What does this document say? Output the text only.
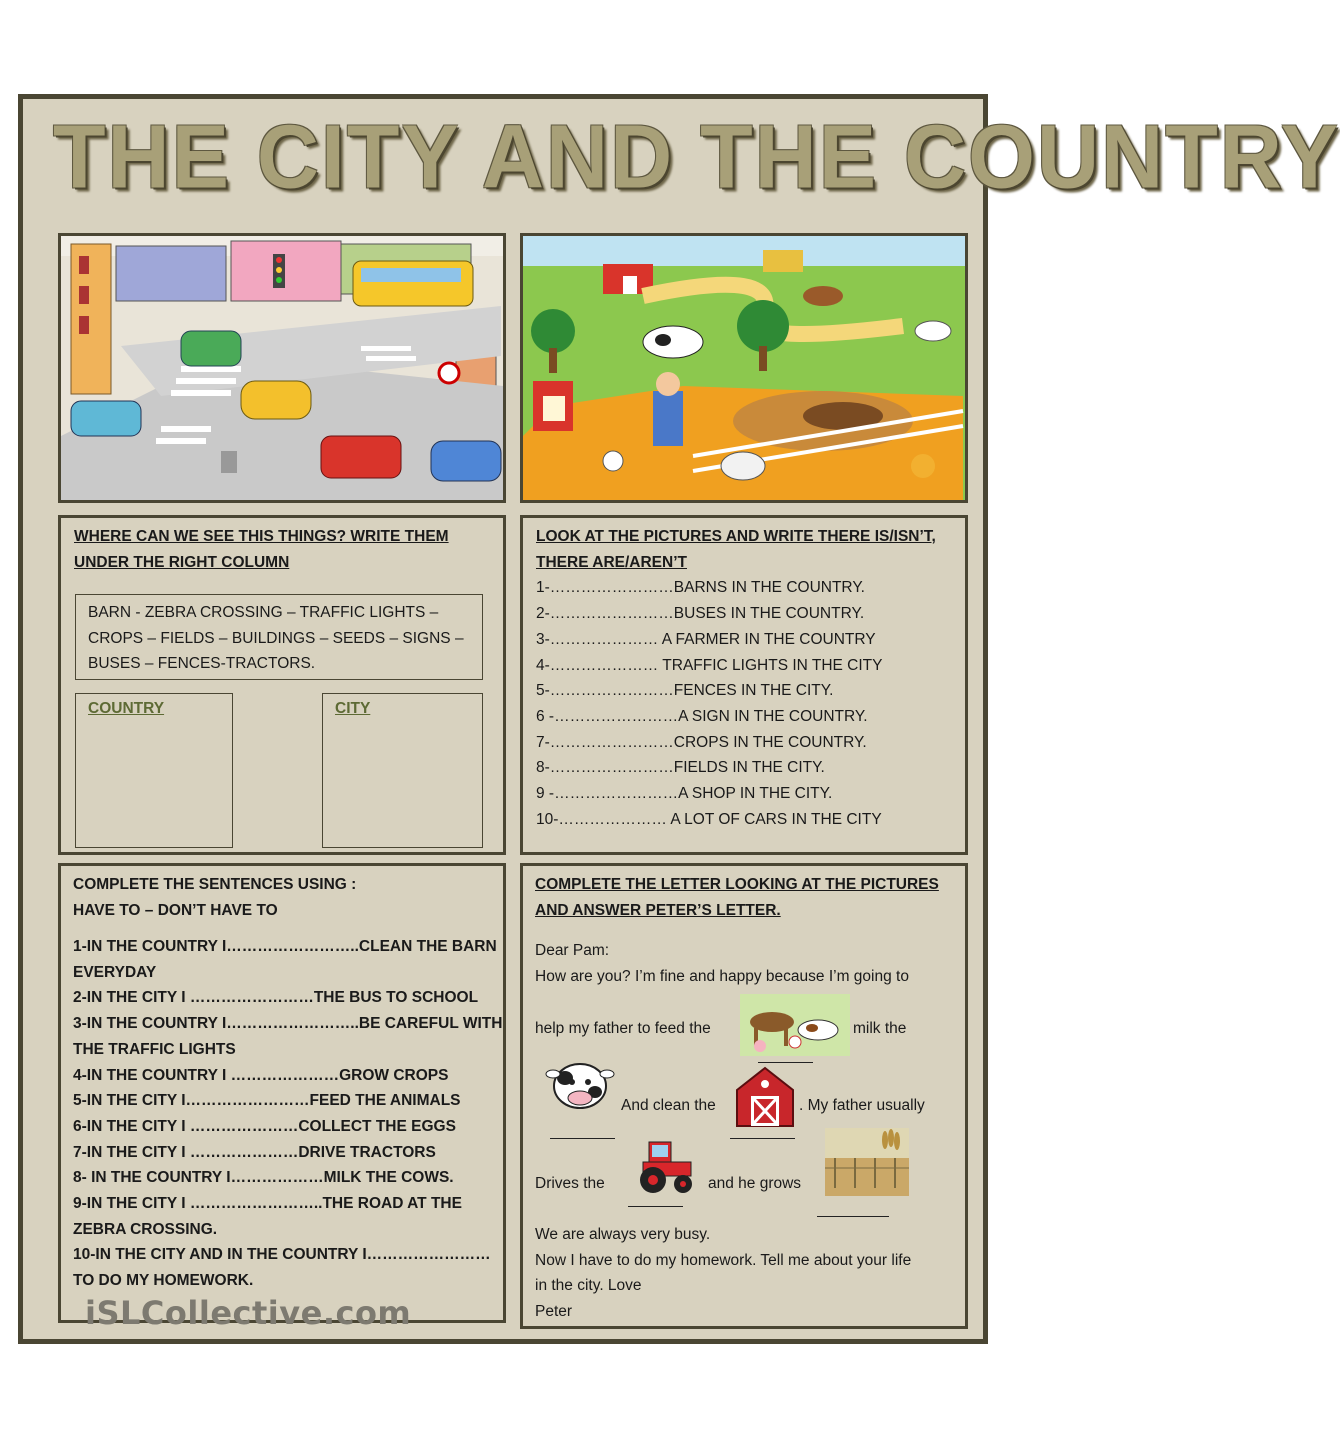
THE CITY AND THE COUNTRY
WHERE CAN WE SEE THIS THINGS? WRITE THEM
UNDER THE RIGHT COLUMN
BARN - ZEBRA CROSSING – TRAFFIC LIGHTS –
CROPS – FIELDS – BUILDINGS – SEEDS – SIGNS –
BUSES – FENCES-TRACTORS.
COUNTRY	CITY
LOOK AT THE PICTURES AND WRITE THERE IS/ISN’T,
THERE ARE/AREN’T
1-……………………BARNS IN THE COUNTRY.
2-……………………BUSES IN THE COUNTRY.
3-………………… A FARMER IN THE COUNTRY
4-………………… TRAFFIC LIGHTS IN THE CITY
5-……………………FENCES IN THE CITY.
6 -……………………A SIGN IN THE COUNTRY.
7-……………………CROPS IN THE COUNTRY.
8-……………………FIELDS IN THE CITY.
9 -……………………A SHOP IN THE CITY.
10-………………… A LOT OF CARS IN THE CITY
COMPLETE THE SENTENCES USING :
HAVE TO – DON’T HAVE TO
1-IN THE COUNTRY I……………………..CLEAN THE BARN
EVERYDAY
2-IN THE CITY I ……………………THE BUS TO SCHOOL
3-IN THE COUNTRY I……………………..BE CAREFUL WITH
THE TRAFFIC LIGHTS
4-IN THE COUNTRY I …………………GROW CROPS
5-IN THE CITY I……………………FEED THE ANIMALS
6-IN THE CITY I …………………COLLECT THE EGGS
7-IN THE CITY I …………………DRIVE TRACTORS
8- IN THE COUNTRY I………………MILK THE COWS.
9-IN THE CITY I ……………………..THE ROAD AT THE
ZEBRA CROSSING.
10-IN THE CITY AND IN THE COUNTRY I……………………
TO DO MY HOMEWORK.
COMPLETE THE LETTER LOOKING AT THE PICTURES
AND ANSWER PETER’S LETTER.
Dear Pam:
How are you? I’m fine and happy because I’m going to
help my father to feed the	milk the
And clean the	. My father usually
Drives the	and he grows
We are always very busy.
Now I have to do my homework. Tell me about your life
in the city. Love
Peter
iSLCollective.com
